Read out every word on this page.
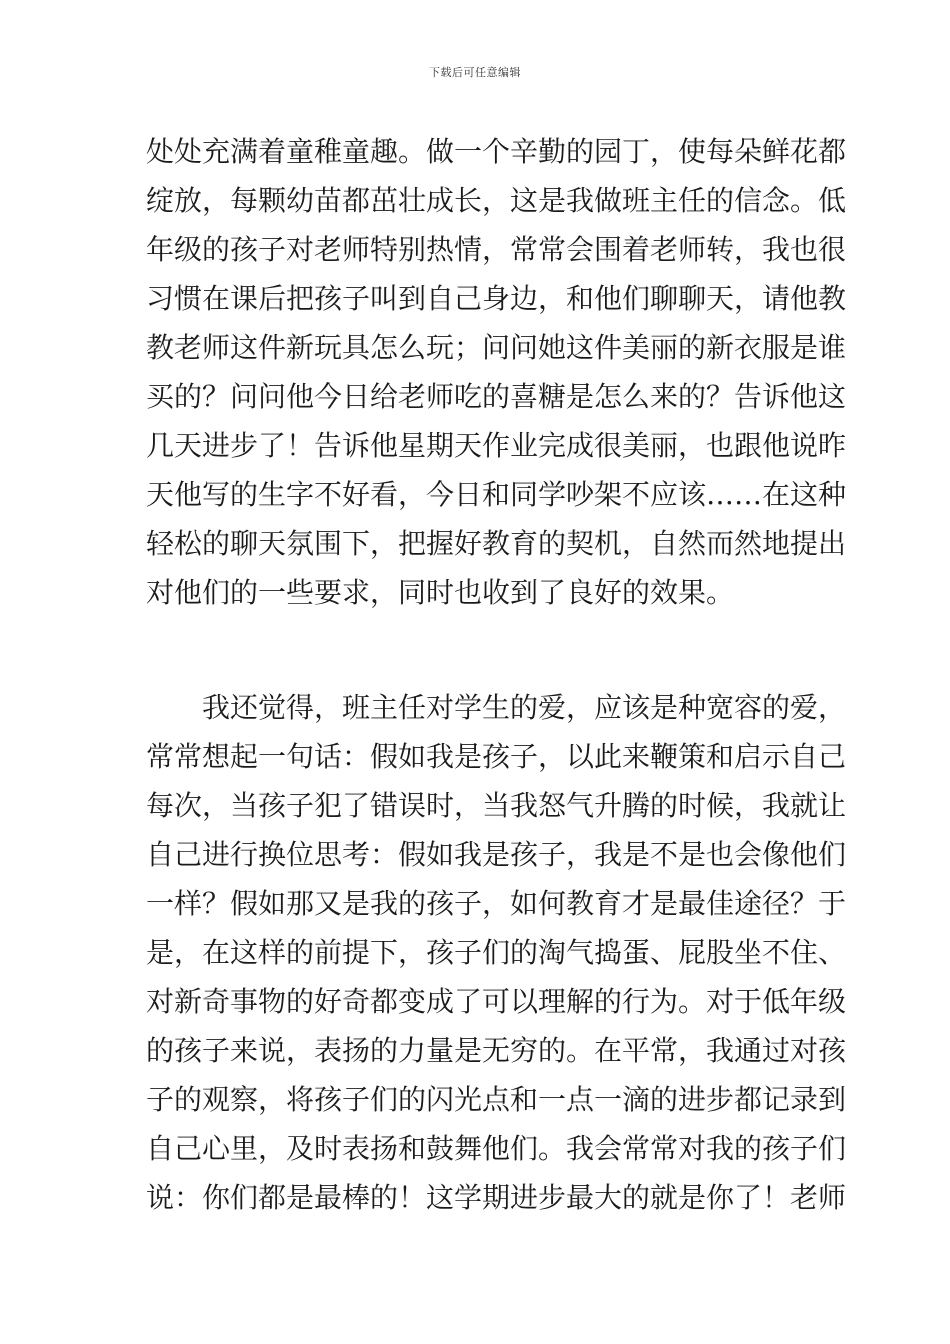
下载后可任意编辑
处处充满着童稚童趣。做一个辛勤的园丁，使每朵鲜花都
绽放，每颗幼苗都茁壮成长，这是我做班主任的信念。低
年级的孩子对老师特别热情，常常会围着老师转，我也很
习惯在课后把孩子叫到自己身边，和他们聊聊天，请他教
教老师这件新玩具怎么玩；问问她这件美丽的新衣服是谁
买的？问问他今日给老师吃的喜糖是怎么来的？告诉他这
几天进步了！告诉他星期天作业完成很美丽，也跟他说昨
天他写的生字不好看，今日和同学吵架不应该……在这种
轻松的聊天氛围下，把握好教育的契机，自然而然地提出
对他们的一些要求，同时也收到了良好的效果。
我还觉得，班主任对学生的爱，应该是种宽容的爱，
常常想起一句话：假如我是孩子，以此来鞭策和启示自己
每次，当孩子犯了错误时，当我怒气升腾的时候，我就让
自己进行换位思考：假如我是孩子，我是不是也会像他们
一样？假如那又是我的孩子，如何教育才是最佳途径？于
是，在这样的前提下，孩子们的淘气捣蛋、屁股坐不住、
对新奇事物的好奇都变成了可以理解的行为。对于低年级
的孩子来说，表扬的力量是无穷的。在平常，我通过对孩
子的观察，将孩子们的闪光点和一点一滴的进步都记录到
自己心里，及时表扬和鼓舞他们。我会常常对我的孩子们
说：你们都是最棒的！这学期进步最大的就是你了！老师
